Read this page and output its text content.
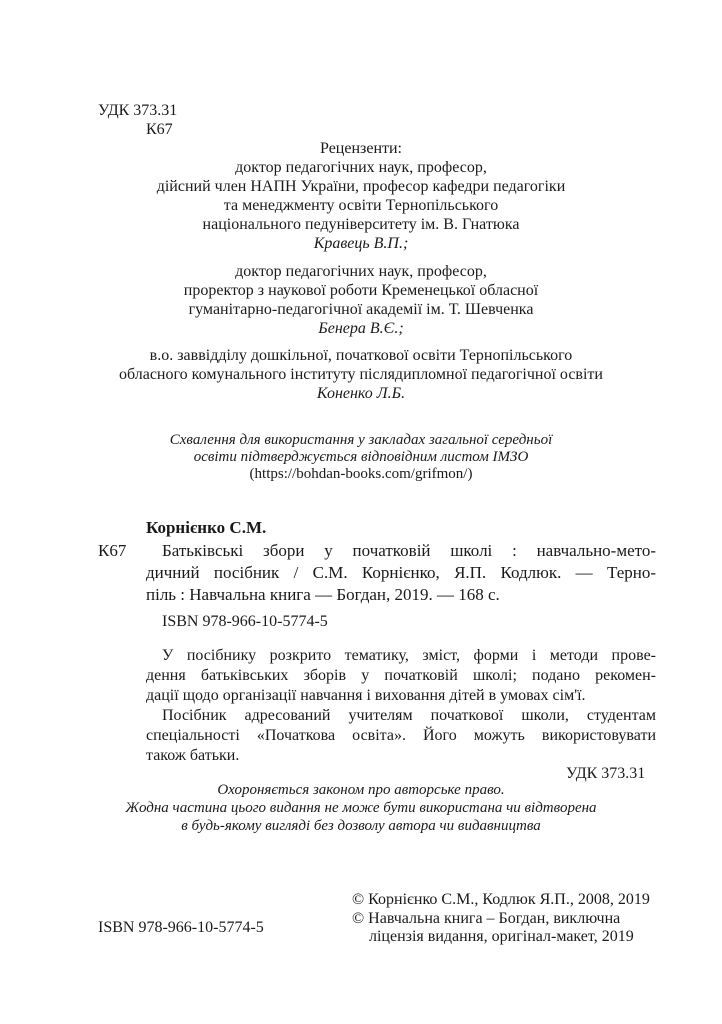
УДК 373.31
К67
Рецензенти:
доктор педагогічних наук, професор,
дійсний член НАПН України, професор кафедри педагогіки
та менеджменту освіти Тернопільського
національного педуніверситету ім. В. Гнатюка
Кравець В.П.;
доктор педагогічних наук, професор,
проректор з наукової роботи Кременецької обласної
гуманітарно-педагогічної академії ім. Т. Шевченка
Бенера В.Є.;
в.о. заввідділу дошкільної, початкової освіти Тернопільського
обласного комунального інституту післядипломної педагогічної освіти
Коненко Л.Б.
Схвалення для використання у закладах загальної середньої
освіти підтверджується відповідним листом ІМЗО
(https://bohdan-books.com/grifmon/)
Корнієнко С.М.
К67 Батьківські збори у початковій школі : навчально-мето-
дичний посібник / С.М. Корнієнко, Я.П. Кодлюк. — Терно-
піль : Навчальна книга — Богдан, 2019. — 168 с.
ISBN 978-966-10-5774-5
У посібнику розкрито тематику, зміст, форми і методи прове-
дення батьківських зборів у початковій школі; подано рекомен-
дації щодо організації навчання і виховання дітей в умовах сім'ї.
Посібник адресований учителям початкової школи, студентам
спеціальності «Початкова освіта». Його можуть використовувати
також батьки.
УДК 373.31
Охороняється законом про авторське право.
Жодна частина цього видання не може бути використана чи відтворена
в будь-якому вигляді без дозволу автора чи видавництва
ISBN 978-966-10-5774-5
© Корнієнко С.М., Кодлюк Я.П., 2008, 2019
© Навчальна книга – Богдан, виключна
ліцензія видання, оригінал-макет, 2019
